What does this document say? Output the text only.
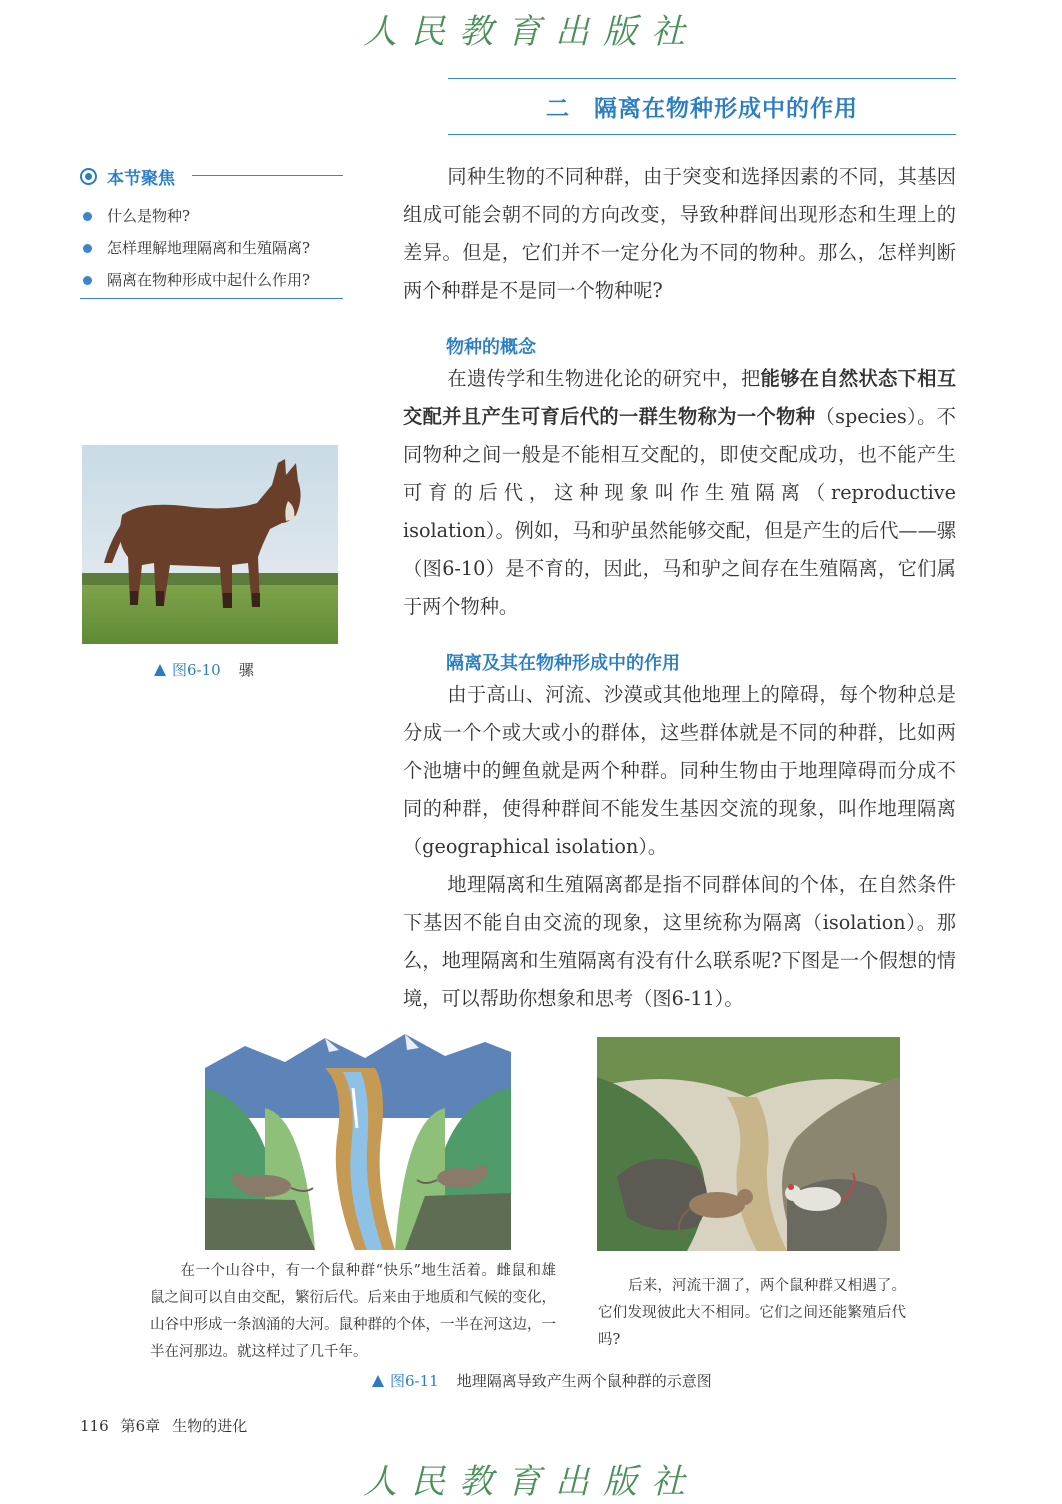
人民教育出版社
二　隔离在物种形成中的作用
本节聚焦
什么是物种?
怎样理解地理隔离和生殖隔离?
隔离在物种形成中起什么作用?

同种生物的不同种群，由于突变和选择因素的不同，其基因组成可能会朝不同的方向改变，导致种群间出现形态和生理上的差异。但是，它们并不一定分化为不同的物种。那么，怎样判断两个种群是不是同一个物种呢?

物种的概念

在遗传学和生物进化论的研究中，把能够在自然状态下相互交配并且产生可育后代的一群生物称为一个物种（species）。不同物种之间一般是不能相互交配的，即使交配成功，也不能产生可育的后代，这种现象叫作生殖隔离（reproductive isolation）。例如，马和驴虽然能够交配，但是产生的后代——骡（图6-10）是不育的，因此，马和驴之间存在生殖隔离，它们属于两个物种。

图6-10 骡	隔离及其在物种形成中的作用

由于高山、河流、沙漠或其他地理上的障碍，每个物种总是分成一个个或大或小的群体，这些群体就是不同的种群，比如两个池塘中的鲤鱼就是两个种群。同种生物由于地理障碍而分成不同的种群，使得种群间不能发生基因交流的现象，叫作地理隔离（geographical isolation）。

地理隔离和生殖隔离都是指不同群体间的个体，在自然条件下基因不能自由交流的现象，这里统称为隔离（isolation）。那么，地理隔离和生殖隔离有没有什么联系呢?下图是一个假想的情境，可以帮助你想象和思考（图6-11）。

在一个山谷中，有一个鼠种群“快乐”地生活着。雌鼠和雄鼠之间可以自由交配，繁衍后代。后来由于地质和气候的变化，山谷中形成一条汹涌的大河。鼠种群的个体，一半在河这边，一半在河那边。就这样过了几千年。

后来，河流干涸了，两个鼠种群又相遇了。它们发现彼此大不相同。它们之间还能繁殖后代吗?

图6-11 地理隔离导致产生两个鼠种群的示意图
116 第6章 生物的进化
人民教育出版社
